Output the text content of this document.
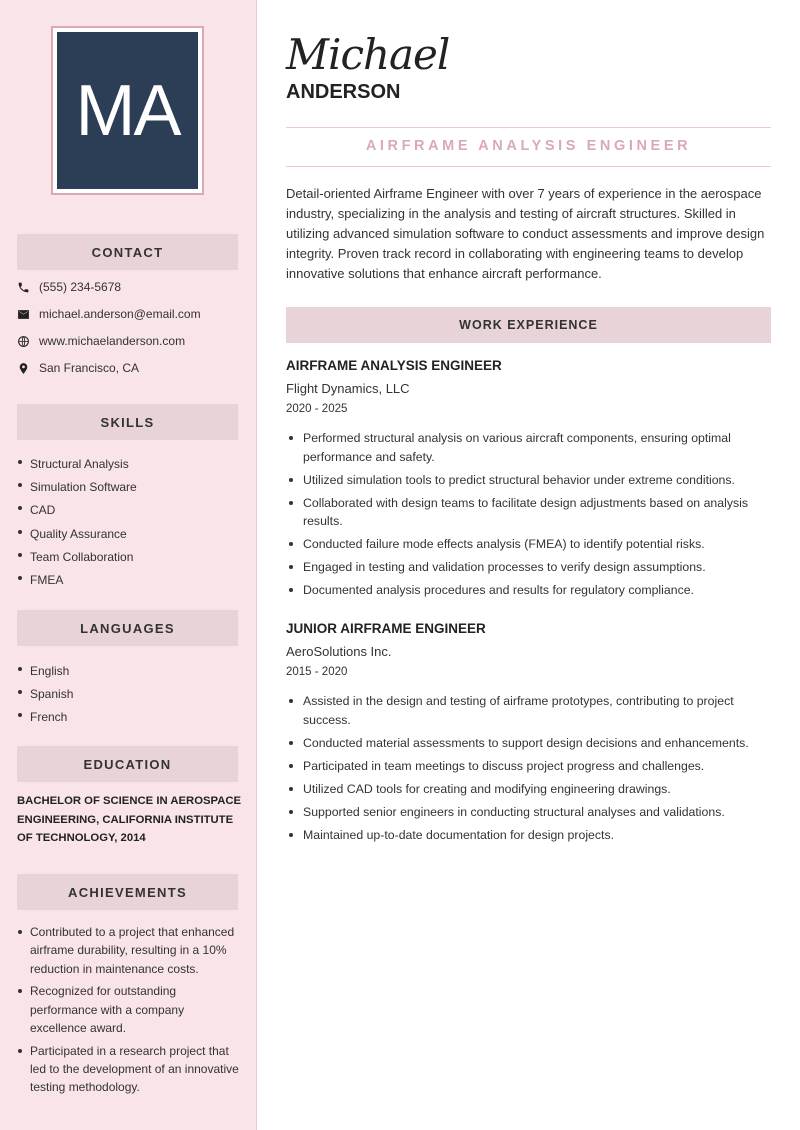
MA
CONTACT
(555) 234-5678
michael.anderson@email.com
www.michaelanderson.com
San Francisco, CA
SKILLS
Structural Analysis
Simulation Software
CAD
Quality Assurance
Team Collaboration
FMEA
LANGUAGES
English
Spanish
French
EDUCATION
BACHELOR OF SCIENCE IN AEROSPACE ENGINEERING, CALIFORNIA INSTITUTE OF TECHNOLOGY, 2014
ACHIEVEMENTS
Contributed to a project that enhanced airframe durability, resulting in a 10% reduction in maintenance costs.
Recognized for outstanding performance with a company excellence award.
Participated in a research project that led to the development of an innovative testing methodology.
Michael
ANDERSON
AIRFRAME ANALYSIS ENGINEER
Detail-oriented Airframe Engineer with over 7 years of experience in the aerospace industry, specializing in the analysis and testing of aircraft structures. Skilled in utilizing advanced simulation software to conduct assessments and improve design integrity. Proven track record in collaborating with engineering teams to develop innovative solutions that enhance aircraft performance.
WORK EXPERIENCE
AIRFRAME ANALYSIS ENGINEER
Flight Dynamics, LLC
2020 - 2025
Performed structural analysis on various aircraft components, ensuring optimal performance and safety.
Utilized simulation tools to predict structural behavior under extreme conditions.
Collaborated with design teams to facilitate design adjustments based on analysis results.
Conducted failure mode effects analysis (FMEA) to identify potential risks.
Engaged in testing and validation processes to verify design assumptions.
Documented analysis procedures and results for regulatory compliance.
JUNIOR AIRFRAME ENGINEER
AeroSolutions Inc.
2015 - 2020
Assisted in the design and testing of airframe prototypes, contributing to project success.
Conducted material assessments to support design decisions and enhancements.
Participated in team meetings to discuss project progress and challenges.
Utilized CAD tools for creating and modifying engineering drawings.
Supported senior engineers in conducting structural analyses and validations.
Maintained up-to-date documentation for design projects.
